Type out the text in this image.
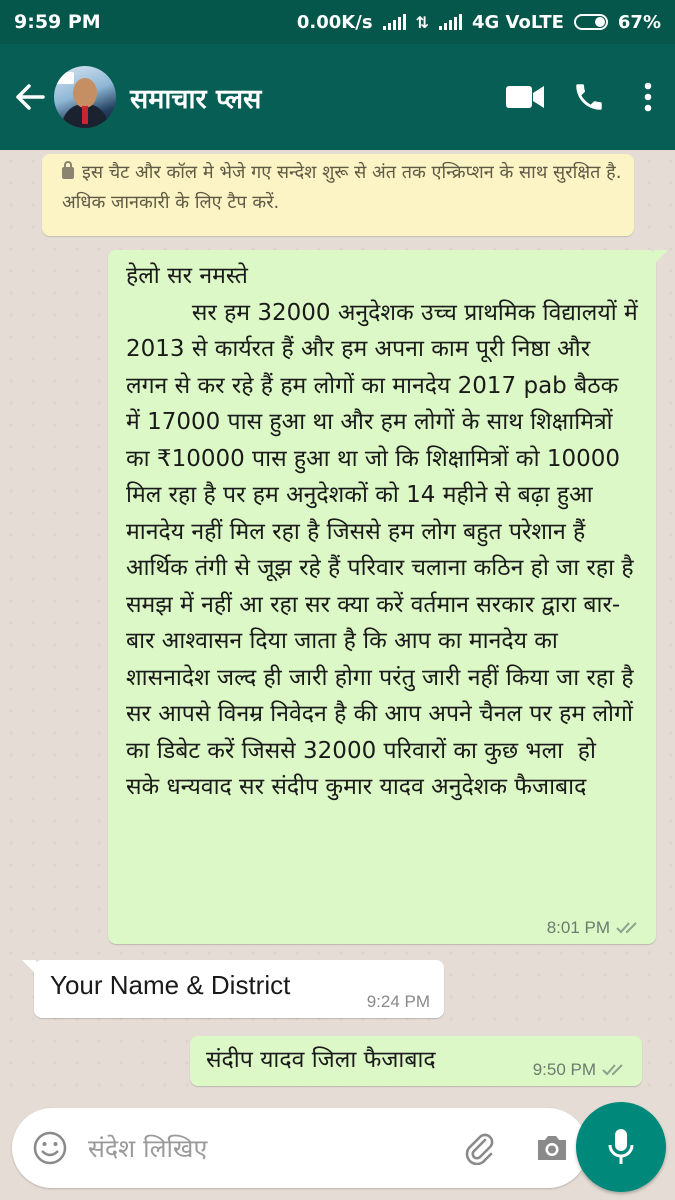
9:59 PM	0.00K/s	⇅ 4G VoLTE	67%
समाचार प्लस
इस चैट और कॉल मे भेजे गए सन्देश शुरू से अंत तक एन्क्रिप्शन के साथ सुरक्षित है. अधिक जानकारी के लिए टैप करें.
हेलो सर नमस्ते
सर हम 32000 अनुदेशक उच्च प्राथमिक विद्यालयों में 2013 से कार्यरत हैं और हम अपना काम पूरी निष्ठा और लगन से कर रहे हैं हम लोगों का मानदेय 2017 pab बैठक में 17000 पास हुआ था और हम लोगों के साथ शिक्षामित्रों का ₹10000 पास हुआ था जो कि शिक्षामित्रों को 10000 मिल रहा है पर हम अनुदेशकों को 14 महीने से बढ़ा हुआ मानदेय नहीं मिल रहा है जिससे हम लोग बहुत परेशान हैं आर्थिक तंगी से जूझ रहे हैं परिवार चलाना कठिन हो जा रहा है समझ में नहीं आ रहा सर क्या करें वर्तमान सरकार द्वारा बार-बार आश्वासन दिया जाता है कि आप का मानदेय का शासनादेश जल्द ही जारी होगा परंतु जारी नहीं किया जा रहा है सर आपसे विनम्र निवेदन है की आप अपने चैनल पर हम लोगों का डिबेट करें जिससे 32000 परिवारों का कुछ भला  हो  सके धन्यवाद सर संदीप कुमार यादव अनुदेशक फैजाबाद
8:01 PM
Your Name & District
9:24 PM
संदीप यादव जिला फैजाबाद	9:50 PM
संदेश लिखिए
